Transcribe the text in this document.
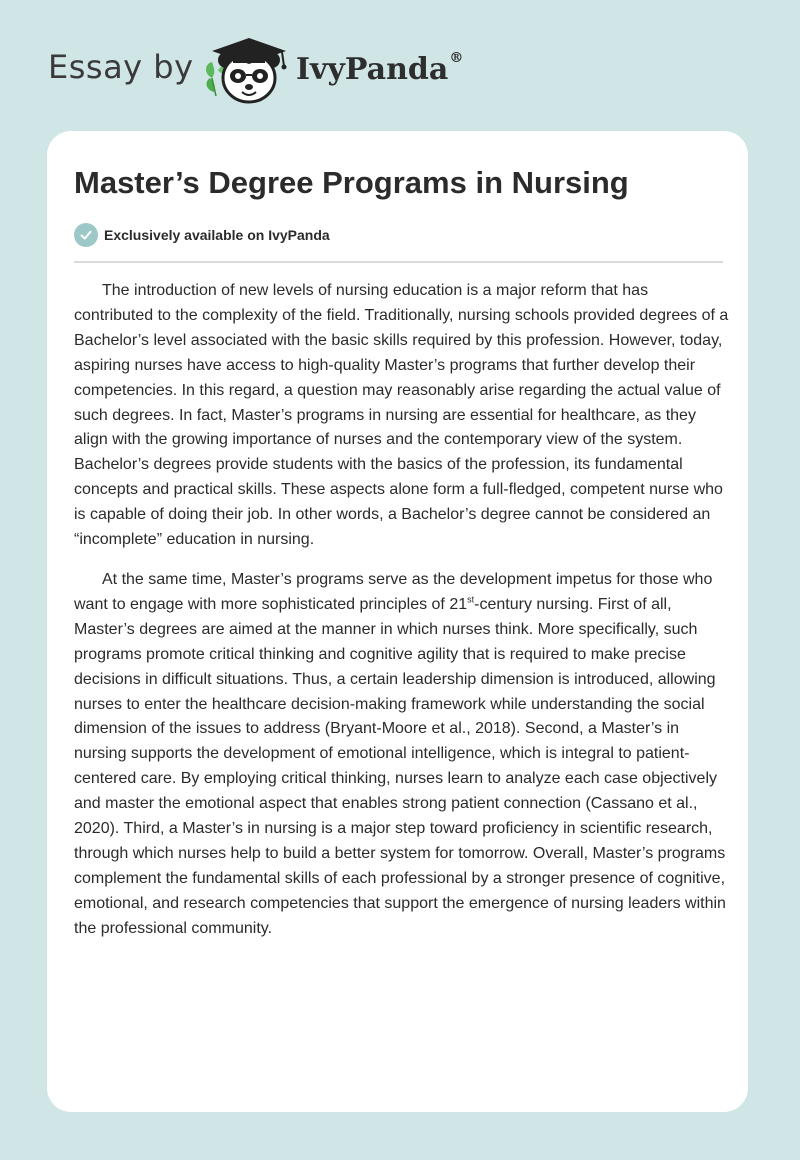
Essay by	IvyPanda®
Master’s Degree Programs in Nursing
Exclusively available on IvyPanda

The introduction of new levels of nursing education is a major reform that has contributed to the complexity of the field. Traditionally, nursing schools provided degrees of a Bachelor’s level associated with the basic skills required by this profession. However, today, aspiring nurses have access to high-quality Master’s programs that further develop their competencies. In this regard, a question may reasonably arise regarding the actual value of such degrees. In fact, Master’s programs in nursing are essential for healthcare, as they align with the growing importance of nurses and the contemporary view of the system. Bachelor’s degrees provide students with the basics of the profession, its fundamental concepts and practical skills. These aspects alone form a full-fledged, competent nurse who is capable of doing their job. In other words, a Bachelor’s degree cannot be considered an “incomplete” education in nursing.

At the same time, Master’s programs serve as the development impetus for those who want to engage with more sophisticated principles of 21st-century nursing. First of all, Master’s degrees are aimed at the manner in which nurses think. More specifically, such programs promote critical thinking and cognitive agility that is required to make precise decisions in difficult situations. Thus, a certain leadership dimension is introduced, allowing nurses to enter the healthcare decision-making framework while understanding the social dimension of the issues to address (Bryant-Moore et al., 2018). Second, a Master’s in nursing supports the development of emotional intelligence, which is integral to patient-centered care. By employing critical thinking, nurses learn to analyze each case objectively and master the emotional aspect that enables strong patient connection (Cassano et al., 2020). Third, a Master’s in nursing is a major step toward proficiency in scientific research, through which nurses help to build a better system for tomorrow. Overall, Master’s programs complement the fundamental skills of each professional by a stronger presence of cognitive, emotional, and research competencies that support the emergence of nursing leaders within the professional community.
